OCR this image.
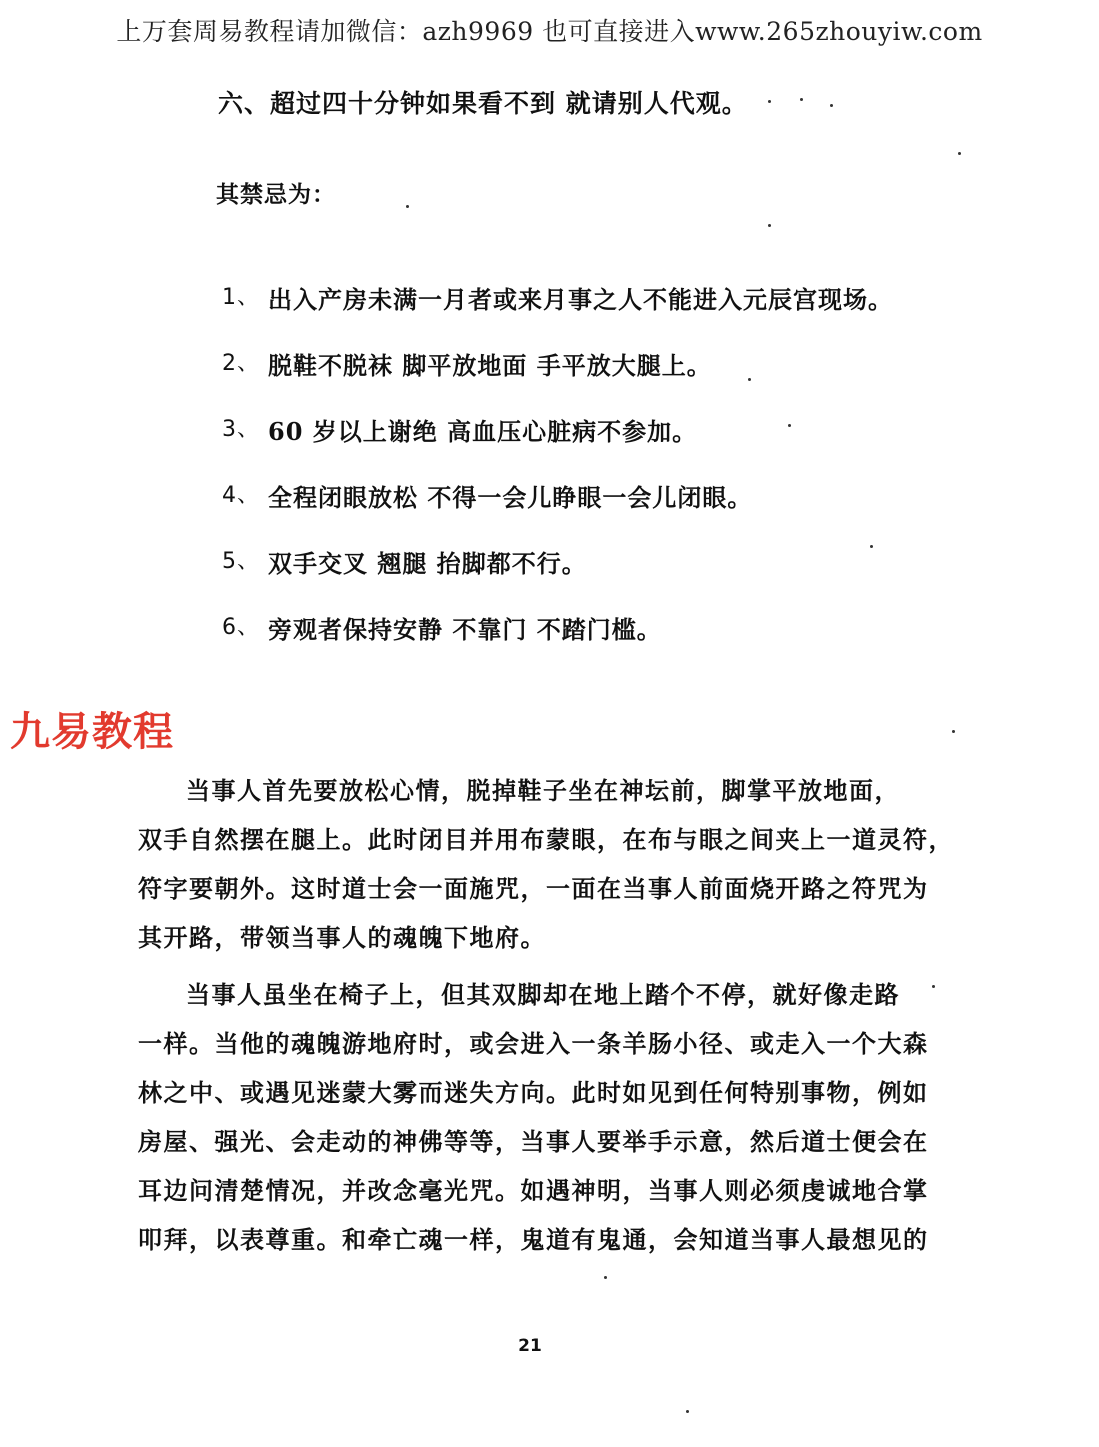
上万套周易教程请加微信：azh9969 也可直接进入www.265zhouyiw.com
六、超过四十分钟如果看不到 就请别人代观。
其禁忌为：
1、 出入产房未满一月者或来月事之人不能进入元辰宫现场。
2、 脱鞋不脱袜 脚平放地面 手平放大腿上。
3、 60 岁以上谢绝 高血压心脏病不参加。
4、 全程闭眼放松 不得一会儿睁眼一会儿闭眼。
5、 双手交叉 翘腿 抬脚都不行。
6、 旁观者保持安静 不靠门 不踏门槛。
九易教程

当事人首先要放松心情，脱掉鞋子坐在神坛前，脚掌平放地面，
双手自然摆在腿上。此时闭目并用布蒙眼，在布与眼之间夹上一道灵符，
符字要朝外。这时道士会一面施咒，一面在当事人前面烧开路之符咒为
其开路，带领当事人的魂魄下地府。

当事人虽坐在椅子上，但其双脚却在地上踏个不停，就好像走路
一样。当他的魂魄游地府时，或会进入一条羊肠小径、或走入一个大森
林之中、或遇见迷蒙大雾而迷失方向。此时如见到任何特别事物，例如
房屋、强光、会走动的神佛等等，当事人要举手示意，然后道士便会在
耳边问清楚情况，并改念毫光咒。如遇神明，当事人则必须虔诚地合掌
叩拜，以表尊重。和牵亡魂一样，鬼道有鬼通，会知道当事人最想见的

21
